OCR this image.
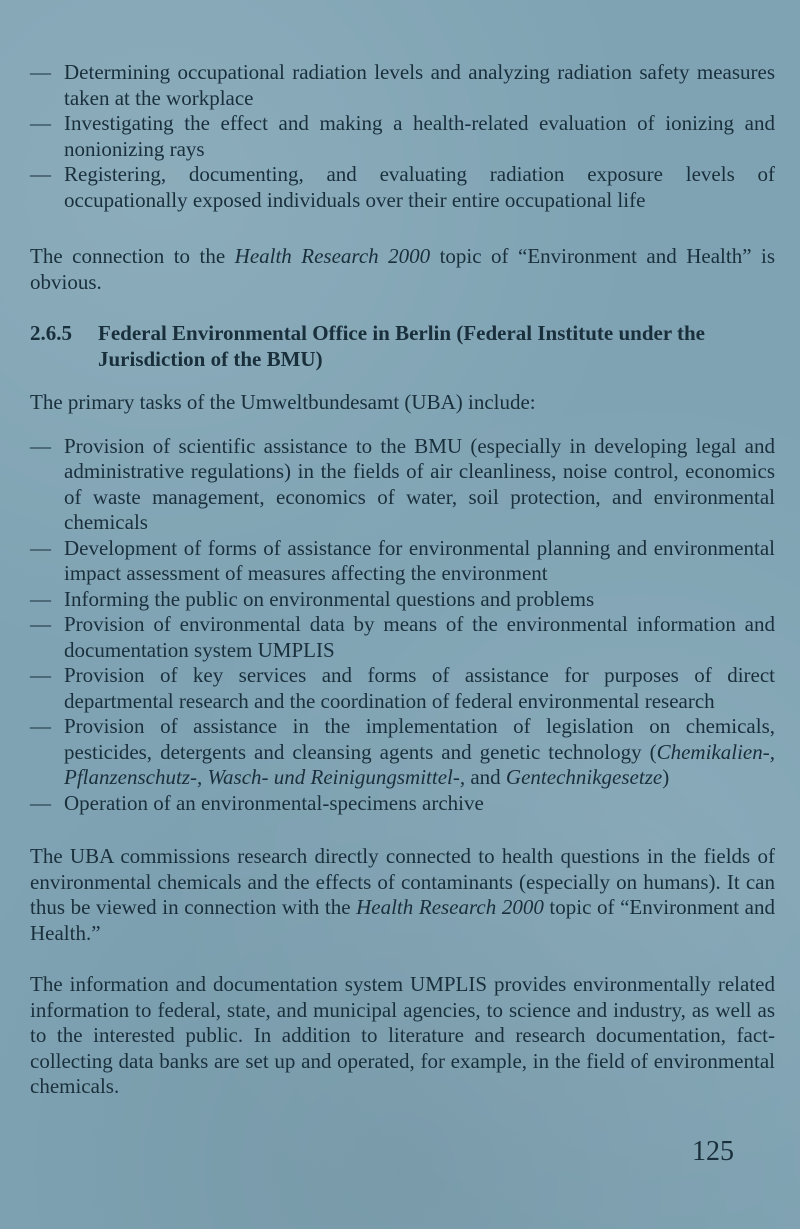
— Determining occupational radiation levels and analyzing radiation safety measures taken at the workplace
— Investigating the effect and making a health-related evaluation of ionizing and nonionizing rays
— Registering, documenting, and evaluating radiation exposure levels of occupationally exposed individuals over their entire occupational life

The connection to the Health Research 2000 topic of “Environment and Health” is obvious.

2.6.5 Federal Environmental Office in Berlin (Federal Institute under the Jurisdiction of the BMU)

The primary tasks of the Umweltbundesamt (UBA) include:

— Provision of scientific assistance to the BMU (especially in developing legal and administrative regulations) in the fields of air cleanliness, noise control, economics of waste management, economics of water, soil protection, and environmental chemicals
— Development of forms of assistance for environmental planning and environmental impact assessment of measures affecting the environment
— Informing the public on environmental questions and problems
— Provision of environmental data by means of the environmental information and documentation system UMPLIS
— Provision of key services and forms of assistance for purposes of direct departmental research and the coordination of federal environmental research
— Provision of assistance in the implementation of legislation on chemicals, pesticides, detergents and cleansing agents and genetic technology (Chemikalien-, Pflanzenschutz-, Wasch- und Reinigungsmittel-, and Gentechnikgesetze)
— Operation of an environmental-specimens archive

The UBA commissions research directly connected to health questions in the fields of environmental chemicals and the effects of contaminants (especially on humans). It can thus be viewed in connection with the Health Research 2000 topic of “Environment and Health.”

The information and documentation system UMPLIS provides environmentally related information to federal, state, and municipal agencies, to science and industry, as well as to the interested public. In addition to literature and research documentation, fact-collecting data banks are set up and operated, for example, in the field of environmental chemicals.

125
